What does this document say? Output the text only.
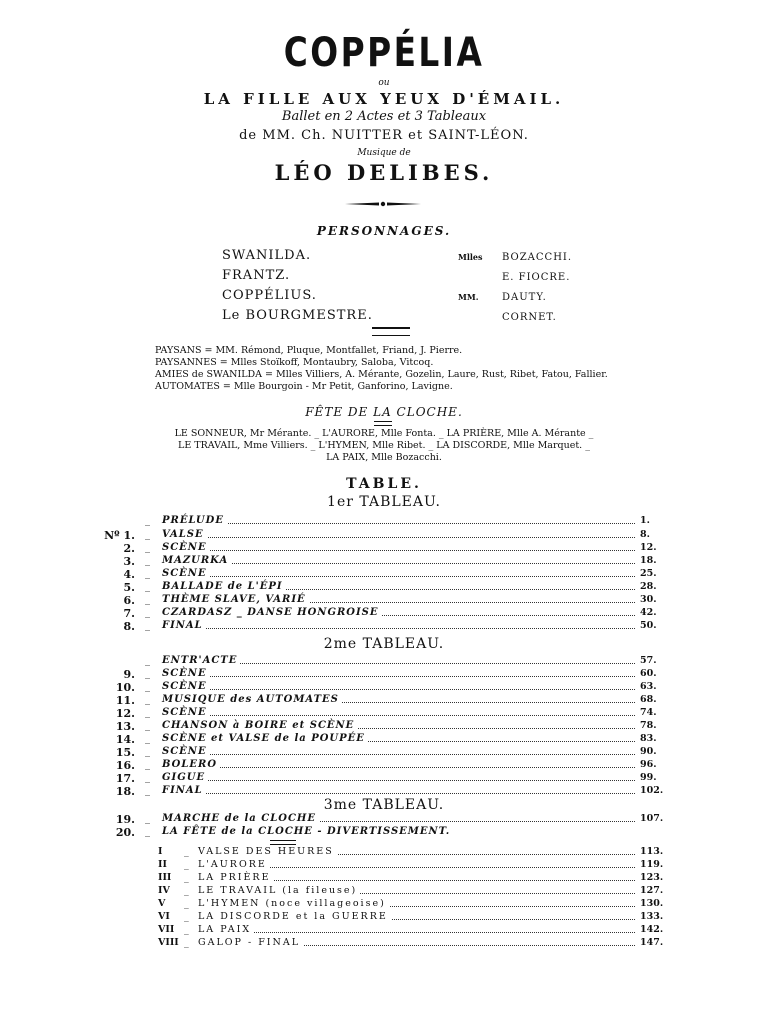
COPPÉLIA
ou
LA FILLE AUX YEUX D'ÉMAIL.
Ballet en 2 Actes et 3 Tableaux
de MM. Ch. NUITTER et SAINT-LÉON.
Musique de
LÉO DELIBES.
PERSONNAGES.
SWANILDA.	Mlles BOZACCHI.
FRANTZ.	E. FIOCRE.
COPPÉLIUS.	MM. DAUTY.
Le BOURGMESTRE.	CORNET.
PAYSANS = MM. Rémond, Pluque, Montfallet, Friand, J. Pierre.
PAYSANNES = Mlles Stoïkoff, Montaubry, Saloba, Vitcoq.
AMIES de SWANILDA = Mlles Villiers, A. Mérante, Gozelin, Laure, Rust, Ribet, Fatou, Fallier.
AUTOMATES = Mlle Bourgoin - Mr Petit, Ganforino, Lavigne.
FÊTE DE LA CLOCHE.
LE SONNEUR, Mr Mérante. _ L'AURORE, Mlle Fonta. _ LA PRIÈRE, Mlle A. Mérante _
LE TRAVAIL, Mme Villiers. _ L'HYMEN, Mlle Ribet. _ LA DISCORDE, Mlle Marquet. _
LA PAIX, Mlle Bozacchi.
TABLE.
1er TABLEAU.
_ PRÉLUDE	1.
Nº 1. _ VALSE	8.
2. _ SCÈNE	12.
3. _ MAZURKA	18.
4. _ SCÈNE	25.
5. _ BALLADE de L'ÉPI	28.
6. _ THÈME SLAVE, VARIÉ	30.
7. _ CZARDASZ _ DANSE HONGROISE	42.
8. _ FINAL	50.
2me TABLEAU.
_ ENTR'ACTE	57.
9. _ SCÈNE	60.
10. _ SCÈNE	63.
11. _ MUSIQUE des AUTOMATES	68.
12. _ SCÈNE	74.
13. _ CHANSON à BOIRE et SCÈNE	78.
14. _ SCÈNE et VALSE de la POUPÉE	83.
15. _ SCÈNE	90.
16. _ BOLERO	96.
17. _ GIGUE	99.
18. _ FINAL	102.
3me TABLEAU.
19. _ MARCHE de la CLOCHE	107.
20. _ LA FÊTE de la CLOCHE - DIVERTISSEMENT.
I	_ VALSE DES HEURES	113.
II	_ L'AURORE	119.
III	_ LA PRIÈRE	123.
IV	_ LE TRAVAIL (la fileuse)	127.
V	_ L'HYMEN (noce villageoise)	130.
VI	_ LA DISCORDE et la GUERRE	133.
VII	_ LA PAIX	142.
VIII _ GALOP - FINAL	147.
